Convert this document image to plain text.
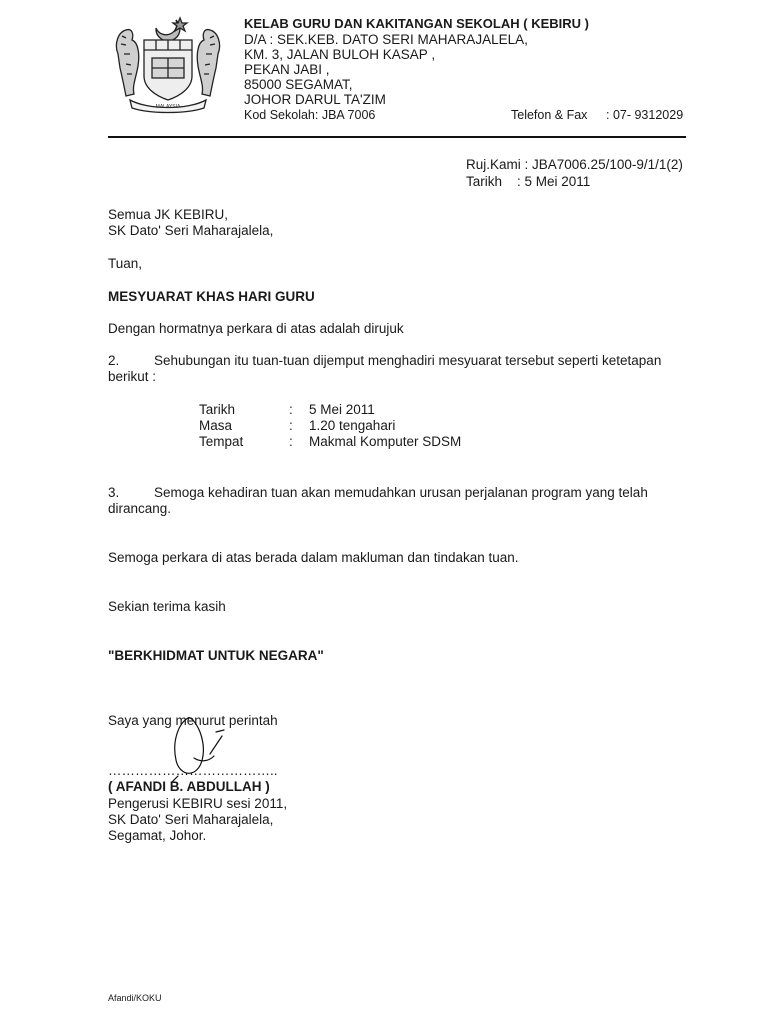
MALAYSIA
KELAB GURU DAN KAKITANGAN SEKOLAH ( KEBIRU )
D/A : SEK.KEB. DATO SERI MAHARAJALELA,
KM. 3, JALAN BULOH KASAP ,
PEKAN JABI ,
85000 SEGAMAT,
JOHOR DARUL TA'ZIM
Kod Sekolah: JBA 7006	Telefon & Fax : 07- 9312029
Ruj.Kami : JBA7006.25/100-9/1/1(2)
Tarikh : 5 Mei 2011
Semua JK KEBIRU,
SK Dato' Seri Maharajalela,
Tuan,
MESYUARAT KHAS HARI GURU
Dengan hormatnya perkara di atas adalah dirujuk
2.	Sehubungan itu tuan-tuan dijemput menghadiri mesyuarat tersebut seperti ketetapan
berikut :
Tarikh	: 5 Mei 2011
Masa	: 1.20 tengahari
Tempat	: Makmal Komputer SDSM
3.	Semoga kehadiran tuan akan memudahkan urusan perjalanan program yang telah
dirancang.
Semoga perkara di atas berada dalam makluman dan tindakan tuan.
Sekian terima kasih
"BERKHIDMAT UNTUK NEGARA"
Saya yang menurut perintah
………………………………..
( AFANDI B. ABDULLAH )
Pengerusi KEBIRU sesi 2011,
SK Dato' Seri Maharajalela,
Segamat, Johor.
Afandi/KOKU
